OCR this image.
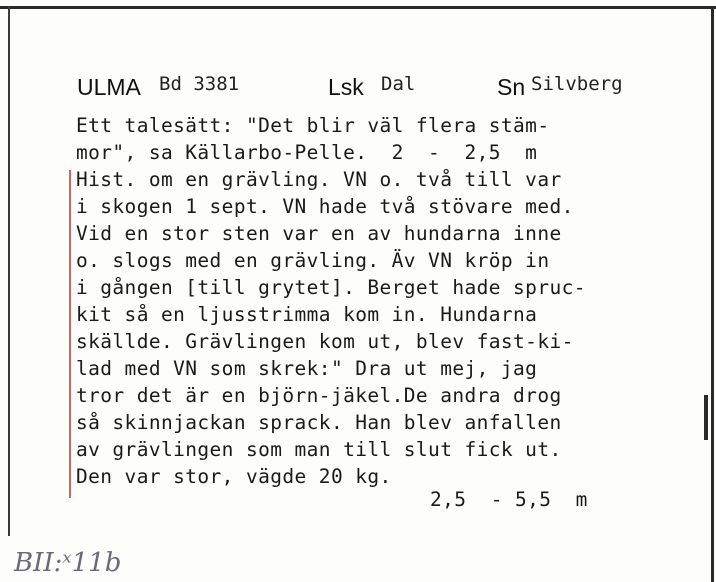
ULMA Bd 3381	Lsk Dal	Sn Silvberg
Ett talesätt: "Det blir väl flera stäm-
mor", sa Källarbo-Pelle.  2  -  2,5  m
Hist. om en grävling. VN o. två till var
i skogen 1 sept. VN hade två stövare med.
Vid en stor sten var en av hundarna inne
o. slogs med en grävling. Äv VN kröp in
i gången [till grytet]. Berget hade spruc-
kit så en ljusstrimma kom in. Hundarna
skällde. Grävlingen kom ut, blev fast-ki-
lad med VN som skrek:" Dra ut mej, jag
tror det är en björn-jäkel.De andra drog
så skinnjackan sprack. Han blev anfallen
av grävlingen som man till slut fick ut.
Den var stor, vägde 20 kg.
2,5  - 5,5  m
BII:ˣ11b
